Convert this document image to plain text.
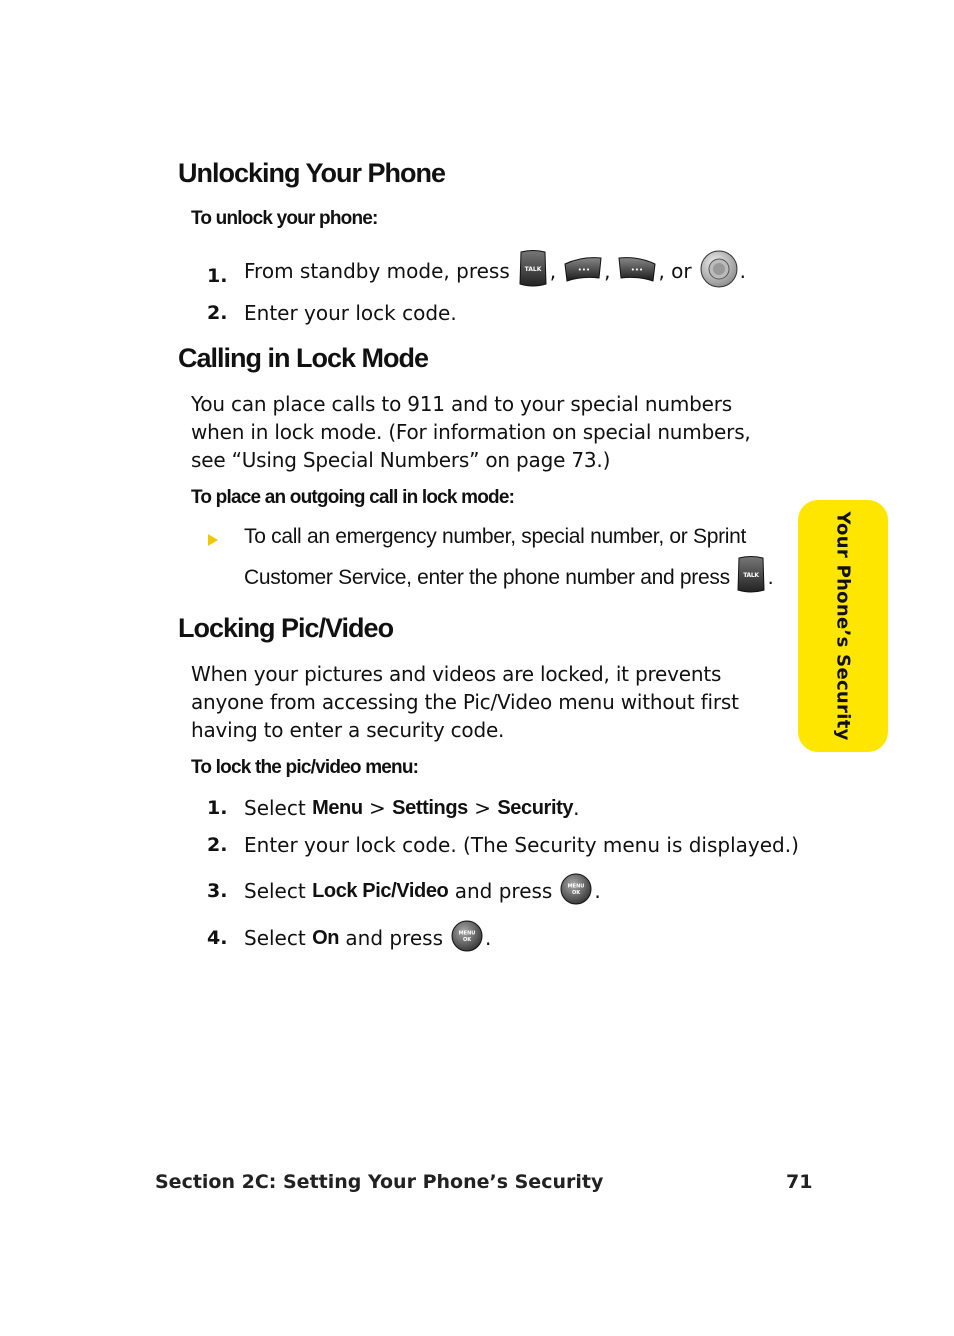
Unlocking Your Phone
To unlock your phone:
1. From standby mode, press TALK ,	••• ,	••• , or .
2. Enter your lock code.
Calling in Lock Mode
You can place calls to 911 and to your special numbers when in lock mode. (For information on special numbers, see “Using Special Numbers” on page 73.)
To place an outgoing call in lock mode:
To call an emergency number, special number, or Sprint
Customer Service, enter the phone number and press TALK .
Locking Pic/Video
When your pictures and videos are locked, it prevents anyone from accessing the Pic/Video menu without first having to enter a security code.
To lock the pic/video menu:
1. Select Menu > Settings > Security .
2. Enter your lock code. (The Security menu is displayed.)
3. Select Lock Pic/Video and press	MENU
OK .
4. Select On and press	MENU
OK .
Your Phone’s Security
Section 2C: Setting Your Phone’s Security	71
